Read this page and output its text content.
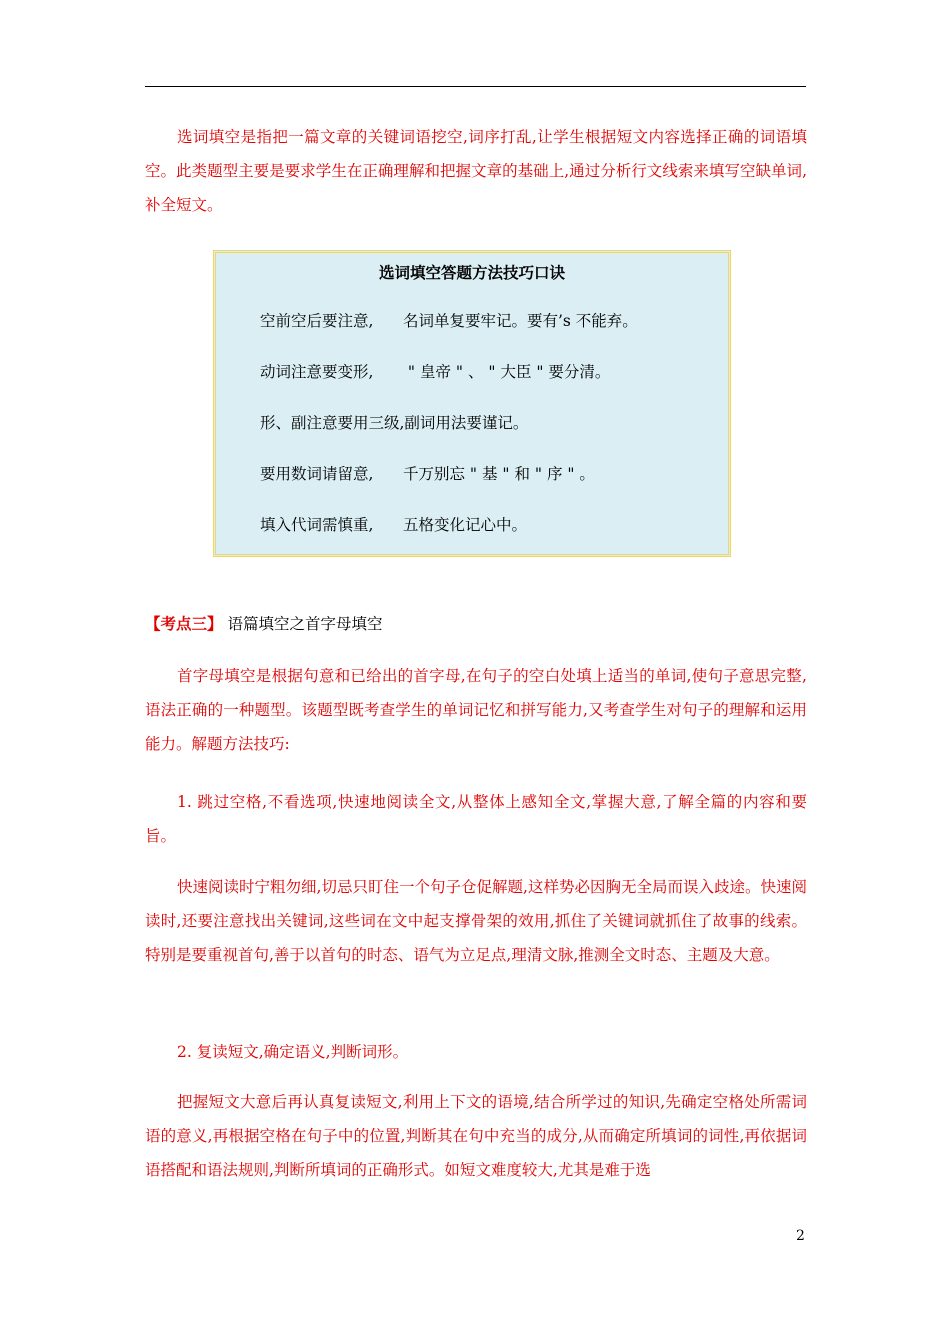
选词填空是指把一篇文章的关键词语挖空,词序打乱,让学生根据短文内容选择正确的词语填空。此类题型主要是要求学生在正确理解和把握文章的基础上,通过分析行文线索来填写空缺单词,补全短文。

选词填空答题方法技巧口诀
空前空后要注意,      名词单复要牢记。要有’s 不能弃。
动词注意要变形,       " 皇帝 " 、 " 大臣 " 要分清。
形、副注意要用三级,副词用法要谨记。
要用数词请留意,      千万别忘 " 基 " 和 " 序 " 。
填入代词需慎重,      五格变化记心中。
【考点三】 语篇填空之首字母填空

首字母填空是根据句意和已给出的首字母,在句子的空白处填上适当的单词,使句子意思完整,语法正确的一种题型。该题型既考查学生的单词记忆和拼写能力,又考查学生对句子的理解和运用能力。解题方法技巧:

1. 跳过空格,不看选项,快速地阅读全文,从整体上感知全文,掌握大意,了解全篇的内容和要旨。

快速阅读时宁粗勿细,切忌只盯住一个句子仓促解题,这样势必因胸无全局而误入歧途。快速阅读时,还要注意找出关键词,这些词在文中起支撑骨架的效用,抓住了关键词就抓住了故事的线索。特别是要重视首句,善于以首句的时态、语气为立足点,理清文脉,推测全文时态、主题及大意。

2. 复读短文,确定语义,判断词形。

把握短文大意后再认真复读短文,利用上下文的语境,结合所学过的知识,先确定空格处所需词语的意义,再根据空格在句子中的位置,判断其在句中充当的成分,从而确定所填词的词性,再依据词语搭配和语法规则,判断所填词的正确形式。如短文难度较大,尤其是难于选

2
